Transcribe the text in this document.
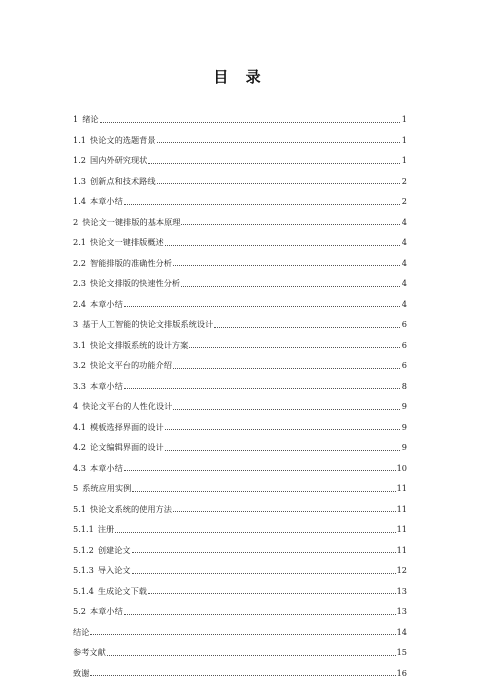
目 录
1 绪论	1
1.1 快论文的选题背景	1
1.2 国内外研究现状	1
1.3 创新点和技术路线	2
1.4 本章小结	2
2 快论文一键排版的基本原理	4
2.1 快论文一键排版概述	4
2.2 智能排版的准确性分析	4
2.3 快论文排版的快速性分析	4
2.4 本章小结	4
3 基于人工智能的快论文排版系统设计	6
3.1 快论文排版系统的设计方案	6
3.2 快论文平台的功能介绍	6
3.3 本章小结	8
4 快论文平台的人性化设计	9
4.1 模板选择界面的设计	9
4.2 论文编辑界面的设计	9
4.3 本章小结	10
5 系统应用实例	11
5.1 快论文系统的使用方法	11
5.1.1 注册	11
5.1.2 创建论文	11
5.1.3 导入论文	12
5.1.4 生成论文下载	13
5.2 本章小结	13
结论	14
参考文献	15
致谢	16
